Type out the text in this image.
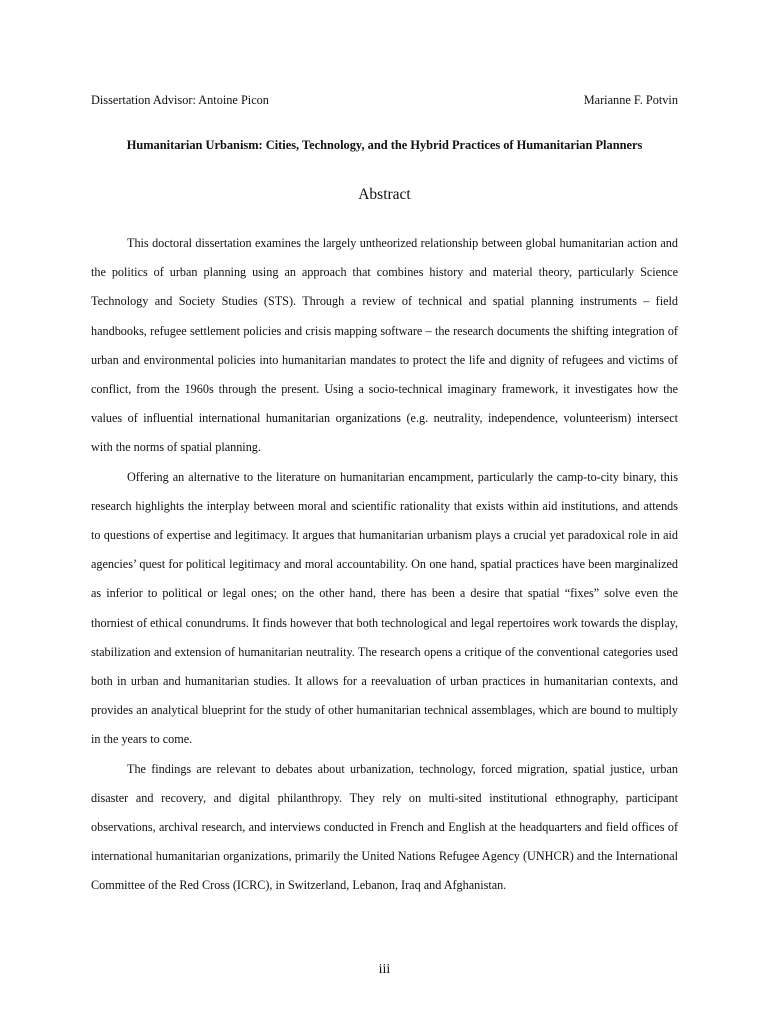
Dissertation Advisor: Antoine Picon	Marianne F. Potvin
Humanitarian Urbanism: Cities, Technology, and the Hybrid Practices of Humanitarian Planners
Abstract

This doctoral dissertation examines the largely untheorized relationship between global humanitarian action and the politics of urban planning using an approach that combines history and material theory, particularly Science Technology and Society Studies (STS). Through a review of technical and spatial planning instruments – field handbooks, refugee settlement policies and crisis mapping software – the research documents the shifting integration of urban and environmental policies into humanitarian mandates to protect the life and dignity of refugees and victims of conflict, from the 1960s through the present. Using a socio-technical imaginary framework, it investigates how the values of influential international humanitarian organizations (e.g. neutrality, independence, volunteerism) intersect with the norms of spatial planning.

Offering an alternative to the literature on humanitarian encampment, particularly the camp-to-city binary, this research highlights the interplay between moral and scientific rationality that exists within aid institutions, and attends to questions of expertise and legitimacy. It argues that humanitarian urbanism plays a crucial yet paradoxical role in aid agencies’ quest for political legitimacy and moral accountability. On one hand, spatial practices have been marginalized as inferior to political or legal ones; on the other hand, there has been a desire that spatial “fixes” solve even the thorniest of ethical conundrums. It finds however that both technological and legal repertoires work towards the display, stabilization and extension of humanitarian neutrality. The research opens a critique of the conventional categories used both in urban and humanitarian studies. It allows for a reevaluation of urban practices in humanitarian contexts, and provides an analytical blueprint for the study of other humanitarian technical assemblages, which are bound to multiply in the years to come.

The findings are relevant to debates about urbanization, technology, forced migration, spatial justice, urban disaster and recovery, and digital philanthropy. They rely on multi-sited institutional ethnography, participant observations, archival research, and interviews conducted in French and English at the headquarters and field offices of international humanitarian organizations, primarily the United Nations Refugee Agency (UNHCR) and the International Committee of the Red Cross (ICRC), in Switzerland, Lebanon, Iraq and Afghanistan.

iii
